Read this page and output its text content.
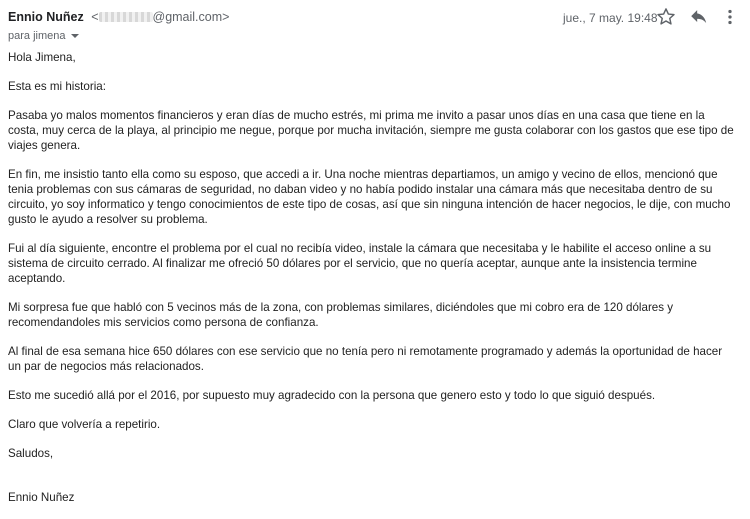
Ennio Nuñez <	@gmail.com>
para jimena
jue., 7 may. 19:48

Hola Jimena,

Esta es mi historia:

Pasaba yo malos momentos financieros y eran días de mucho estrés, mi prima me invito a pasar unos días en una casa que tiene en la costa, muy cerca de la playa, al principio me negue, porque por mucha invitación, siempre me gusta colaborar con los gastos que ese tipo de viajes genera.

En fin, me insistio tanto ella como su esposo, que accedi a ir. Una noche mientras departiamos, un amigo y vecino de ellos, mencionó que tenia problemas con sus cámaras de seguridad, no daban video y no había podido instalar una cámara más que necesitaba dentro de su circuito, yo soy informatico y tengo conocimientos de este tipo de cosas, así que sin ninguna intención de hacer negocios, le dije, con mucho gusto le ayudo a resolver su problema.

Fui al día siguiente, encontre el problema por el cual no recibía video, instale la cámara que necesitaba y le habilite el acceso online a su sistema de circuito cerrado. Al finalizar me ofreció 50 dólares por el servicio, que no quería aceptar, aunque ante la insistencia termine aceptando.

Mi sorpresa fue que habló con 5 vecinos más de la zona, con problemas similares, diciéndoles que mi cobro era de 120 dólares y recomendandoles mis servicios como persona de confianza.

Al final de esa semana hice 650 dólares con ese servicio que no tenía pero ni remotamente programado y además la oportunidad de hacer un par de negocios más relacionados.

Esto me sucedió allá por el 2016, por supuesto muy agradecido con la persona que genero esto y todo lo que siguió después.

Claro que volvería a repetirio.

Saludos,

Ennio Nuñez
